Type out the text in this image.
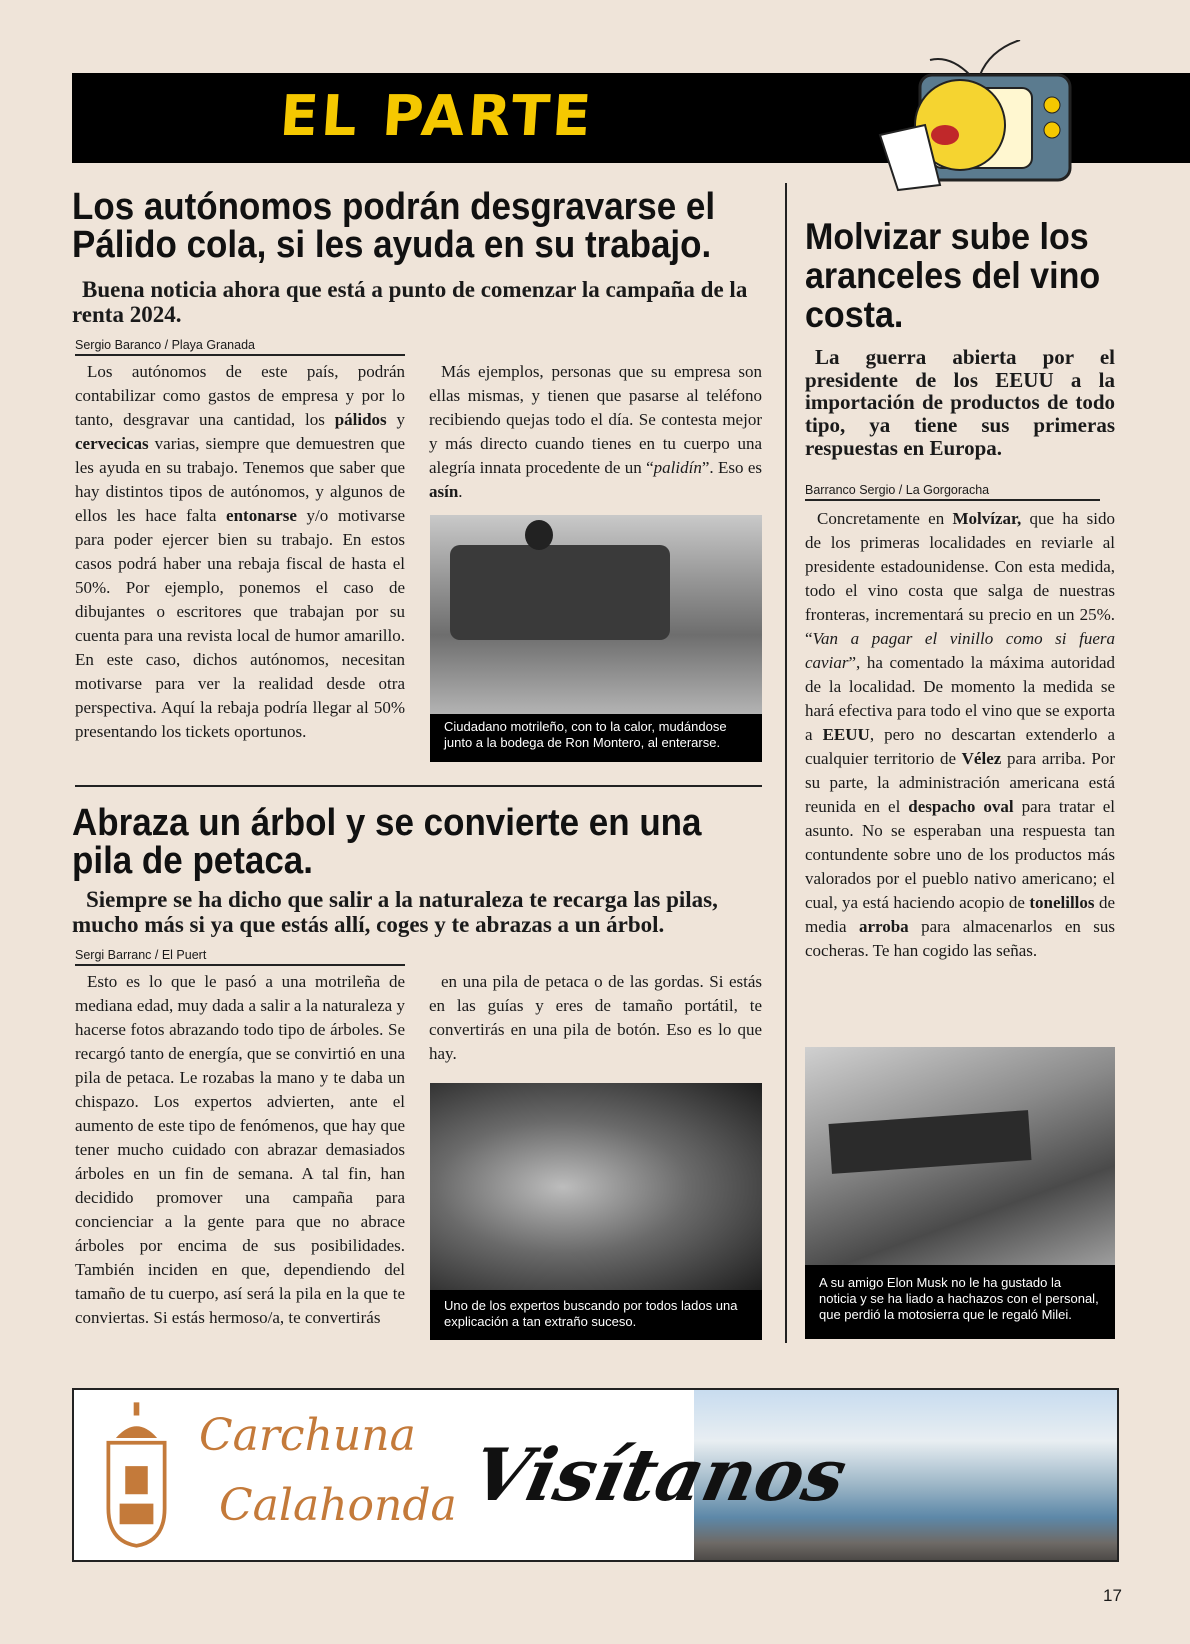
EL PARTE
Los autónomos podrán desgravarse el Pálido cola, si les ayuda en su trabajo.
Buena noticia ahora que está a punto de comenzar la campaña de la renta 2024.
Sergio Baranco / Playa Granada

Los autónomos de este país, podrán contabilizar como gastos de empresa y por lo tanto, desgravar una cantidad, los pálidos y cervecicas varias, siempre que demuestren que les ayuda en su trabajo. Tenemos que saber que hay distintos tipos de autónomos, y algunos de ellos les hace falta entonarse y/o motivarse para poder ejercer bien su trabajo. En estos casos podrá haber una rebaja fiscal de hasta el 50%. Por ejemplo, ponemos el caso de dibujantes o escritores que trabajan por su cuenta para una revista local de humor amarillo. En este caso, dichos autónomos, necesitan motivarse para ver la realidad desde otra perspectiva. Aquí la rebaja podría llegar al 50% presentando los tickets oportunos.

Más ejemplos, personas que su empresa son ellas mismas, y tienen que pasarse al teléfono recibiendo quejas todo el día. Se contesta mejor y más directo cuando tienes en tu cuerpo una alegría innata procedente de un “palidín”. Eso es asín.

Ciudadano motrileño, con to la calor, mudándose junto a la bodega de Ron Montero, al enterarse.
Abraza un árbol y se convierte en una pila de petaca.
Siempre se ha dicho que salir a la naturaleza te recarga las pilas, mucho más si ya que estás allí, coges y te abrazas a un árbol.
Sergi Barranc / El Puert

Esto es lo que le pasó a una motrileña de mediana edad, muy dada a salir a la naturaleza y hacerse fotos abrazando todo tipo de árboles. Se recargó tanto de energía, que se convirtió en una pila de petaca. Le rozabas la mano y te daba un chispazo. Los expertos advierten, ante el aumento de este tipo de fenómenos, que hay que tener mucho cuidado con abrazar demasiados árboles en un fin de semana. A tal fin, han decidido promover una campaña para concienciar a la gente para que no abrace árboles por encima de sus posibilidades. También inciden en que, dependiendo del tamaño de tu cuerpo, así será la pila en la que te conviertas. Si estás hermoso/a, te convertirás

en una pila de petaca o de las gordas. Si estás en las guías y eres de tamaño portátil, te convertirás en una pila de botón. Eso es lo que hay.

Uno de los expertos buscando por todos lados una explicación a tan extraño suceso.
Molvizar sube los aranceles del vino costa.
La guerra abierta por el presidente de los EEUU a la importación de productos de todo tipo, ya tiene sus primeras respuestas en Europa.
Barranco Sergio / La Gorgoracha

Concretamente en Molvízar, que ha sido de los primeras localidades en reviarle al presidente estadounidense. Con esta medida, todo el vino costa que salga de nuestras fronteras, incrementará su precio en un 25%. “Van a pagar el vinillo como si fuera caviar”, ha comentado la máxima autoridad de la localidad. De momento la medida se hará efectiva para todo el vino que se exporta a EEUU, pero no descartan extenderlo a cualquier territorio de Vélez para arriba. Por su parte, la administración americana está reunida en el despacho oval para tratar el asunto. No se esperaban una respuesta tan contundente sobre uno de los productos más valorados por el pueblo nativo americano; el cual, ya está haciendo acopio de tonelillos de media arroba para almacenarlos en sus cocheras. Te han cogido las señas.

A su amigo Elon Musk no le ha gustado la noticia y se ha liado a hachazos con el personal, que perdió la motosierra que le regaló Milei.
Carchuna
Calahonda Visítanos
17
